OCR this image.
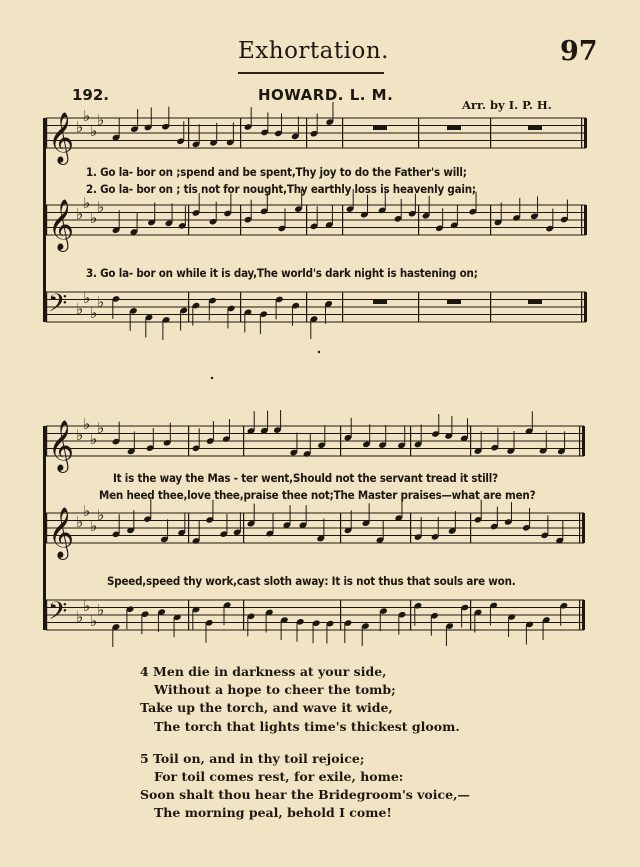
Exhortation.	97
192.	HOWARD. L. M.
Arr. by I. P. H.
𝄞 ♭
♭
♭
♭
𝄞 ♭
♭
♭
♭
𝄢 ♭
♭
♭
♭
𝄞 ♭
♭
♭
♭
𝄞 ♭
♭
♭
♭
𝄢 ♭
♭
♭
♭
1. Go la- bor on ;spend and be spent,Thy joy to do the Father's will;
2. Go la- bor on ; tis not for nought,Thy earthly loss is heavenly gain;
3. Go la- bor on while it is day,The world's dark night is hastening on;
It is the way the Mas - ter went,Should not the servant tread it still?
Men heed thee,love thee,praise thee not;The Master praises—what are men?
Speed,speed thy work,cast sloth away: It is not thus that souls are won.
4 Men die in darkness at your side,
Without a hope to cheer the tomb;
Take up the torch, and wave it wide,
The torch that lights time's thickest gloom.
5 Toil on, and in thy toil rejoice;
For toil comes rest, for exile, home:
Soon shalt thou hear the Bridegroom's voice,—
The morning peal, behold I come!
